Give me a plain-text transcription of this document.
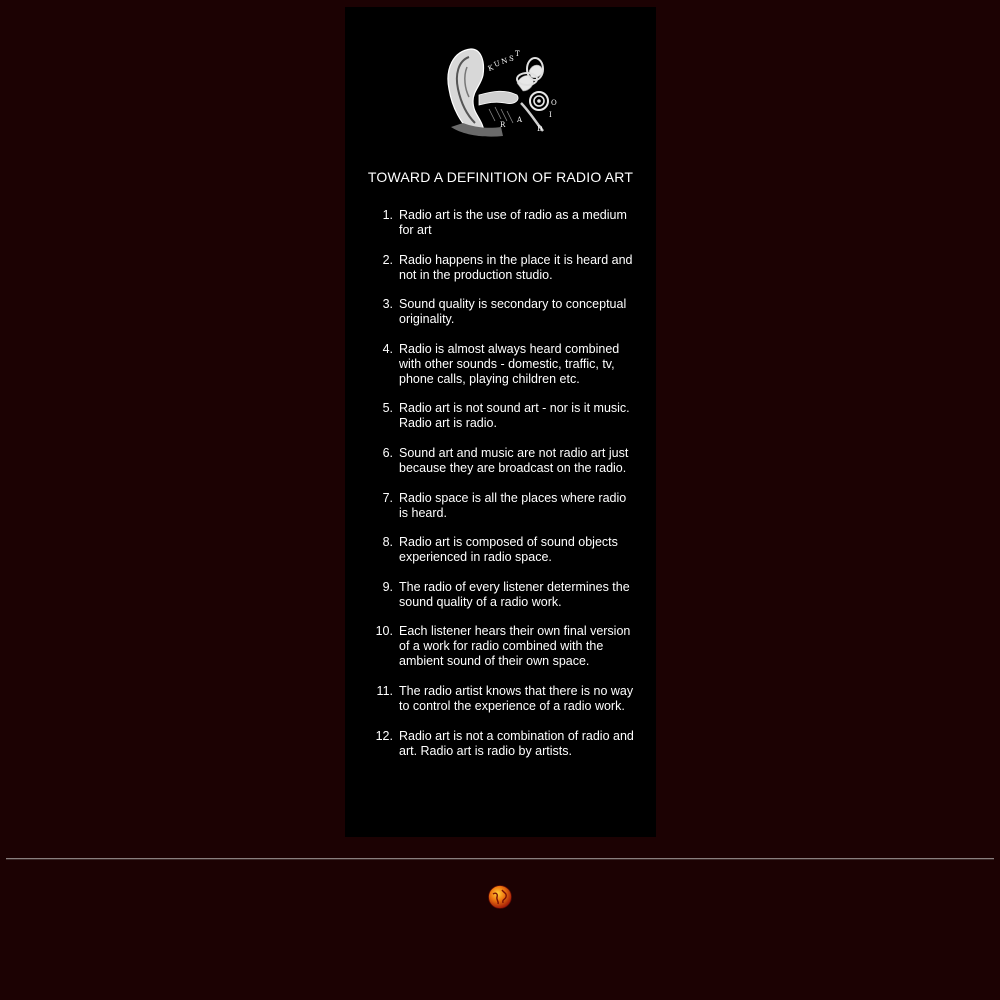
K
U N S
T
R
A
D
I
O
TOWARD A DEFINITION OF RADIO ART
1. Radio art is the use of radio as a medium for art
2. Radio happens in the place it is heard and not in the production studio.
3. Sound quality is secondary to conceptual originality.
4. Radio is almost always heard combined with other sounds - domestic, traffic, tv, phone calls, playing children etc.
5. Radio art is not sound art - nor is it music. Radio art is radio.
6. Sound art and music are not radio art just because they are broadcast on the radio.
7. Radio space is all the places where radio is heard.
8. Radio art is composed of sound objects experienced in radio space.
9. The radio of every listener determines the sound quality of a radio work.
10. Each listener hears their own final version of a work for radio combined with the ambient sound of their own space.
11. The radio artist knows that there is no way to control the experience of a radio work.
12. Radio art is not a combination of radio and art. Radio art is radio by artists.
